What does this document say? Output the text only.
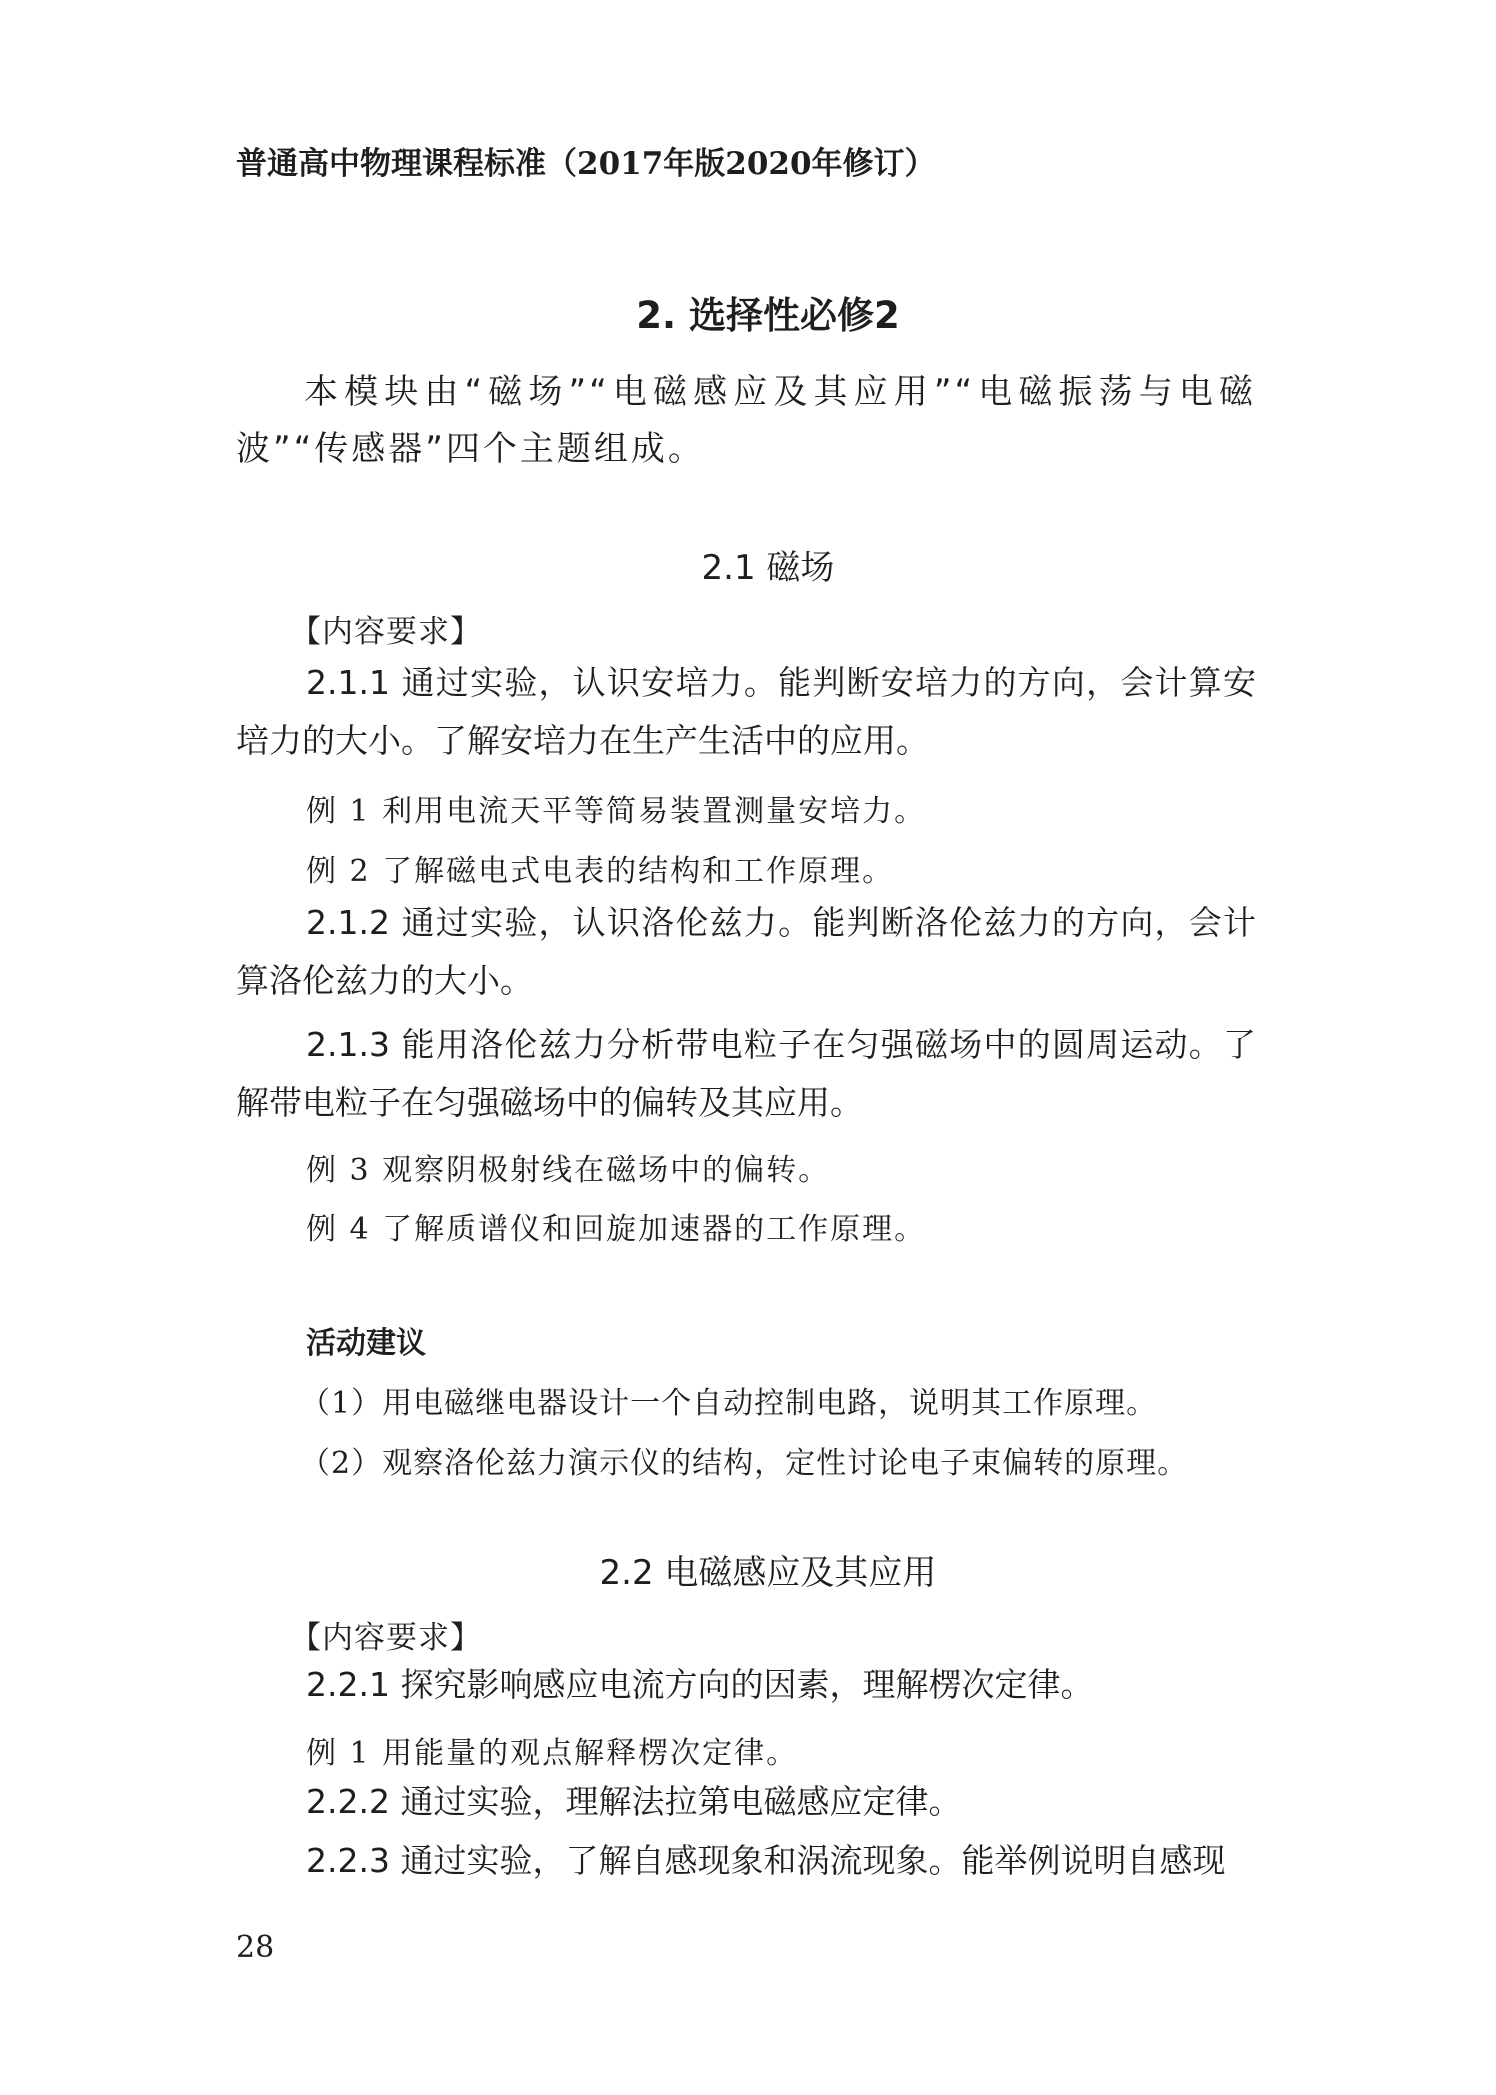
普通高中物理课程标准（2017年版2020年修订）
2. 选择性必修2
本模块由“磁场”“电磁感应及其应用”“电磁振荡与电磁波”“传感器”四个主题组成。
2.1 磁场
【内容要求】
2.1.1 通过实验，认识安培力。能判断安培力的方向，会计算安培力的大小。了解安培力在生产生活中的应用。
例 1 利用电流天平等简易装置测量安培力。
例 2 了解磁电式电表的结构和工作原理。
2.1.2 通过实验，认识洛伦兹力。能判断洛伦兹力的方向，会计算洛伦兹力的大小。
2.1.3 能用洛伦兹力分析带电粒子在匀强磁场中的圆周运动。了解带电粒子在匀强磁场中的偏转及其应用。
例 3 观察阴极射线在磁场中的偏转。
例 4 了解质谱仪和回旋加速器的工作原理。
活动建议
（1）用电磁继电器设计一个自动控制电路，说明其工作原理。
（2）观察洛伦兹力演示仪的结构，定性讨论电子束偏转的原理。
2.2 电磁感应及其应用
【内容要求】
2.2.1 探究影响感应电流方向的因素，理解楞次定律。
例 1 用能量的观点解释楞次定律。
2.2.2 通过实验，理解法拉第电磁感应定律。
2.2.3 通过实验，了解自感现象和涡流现象。能举例说明自感现
28
